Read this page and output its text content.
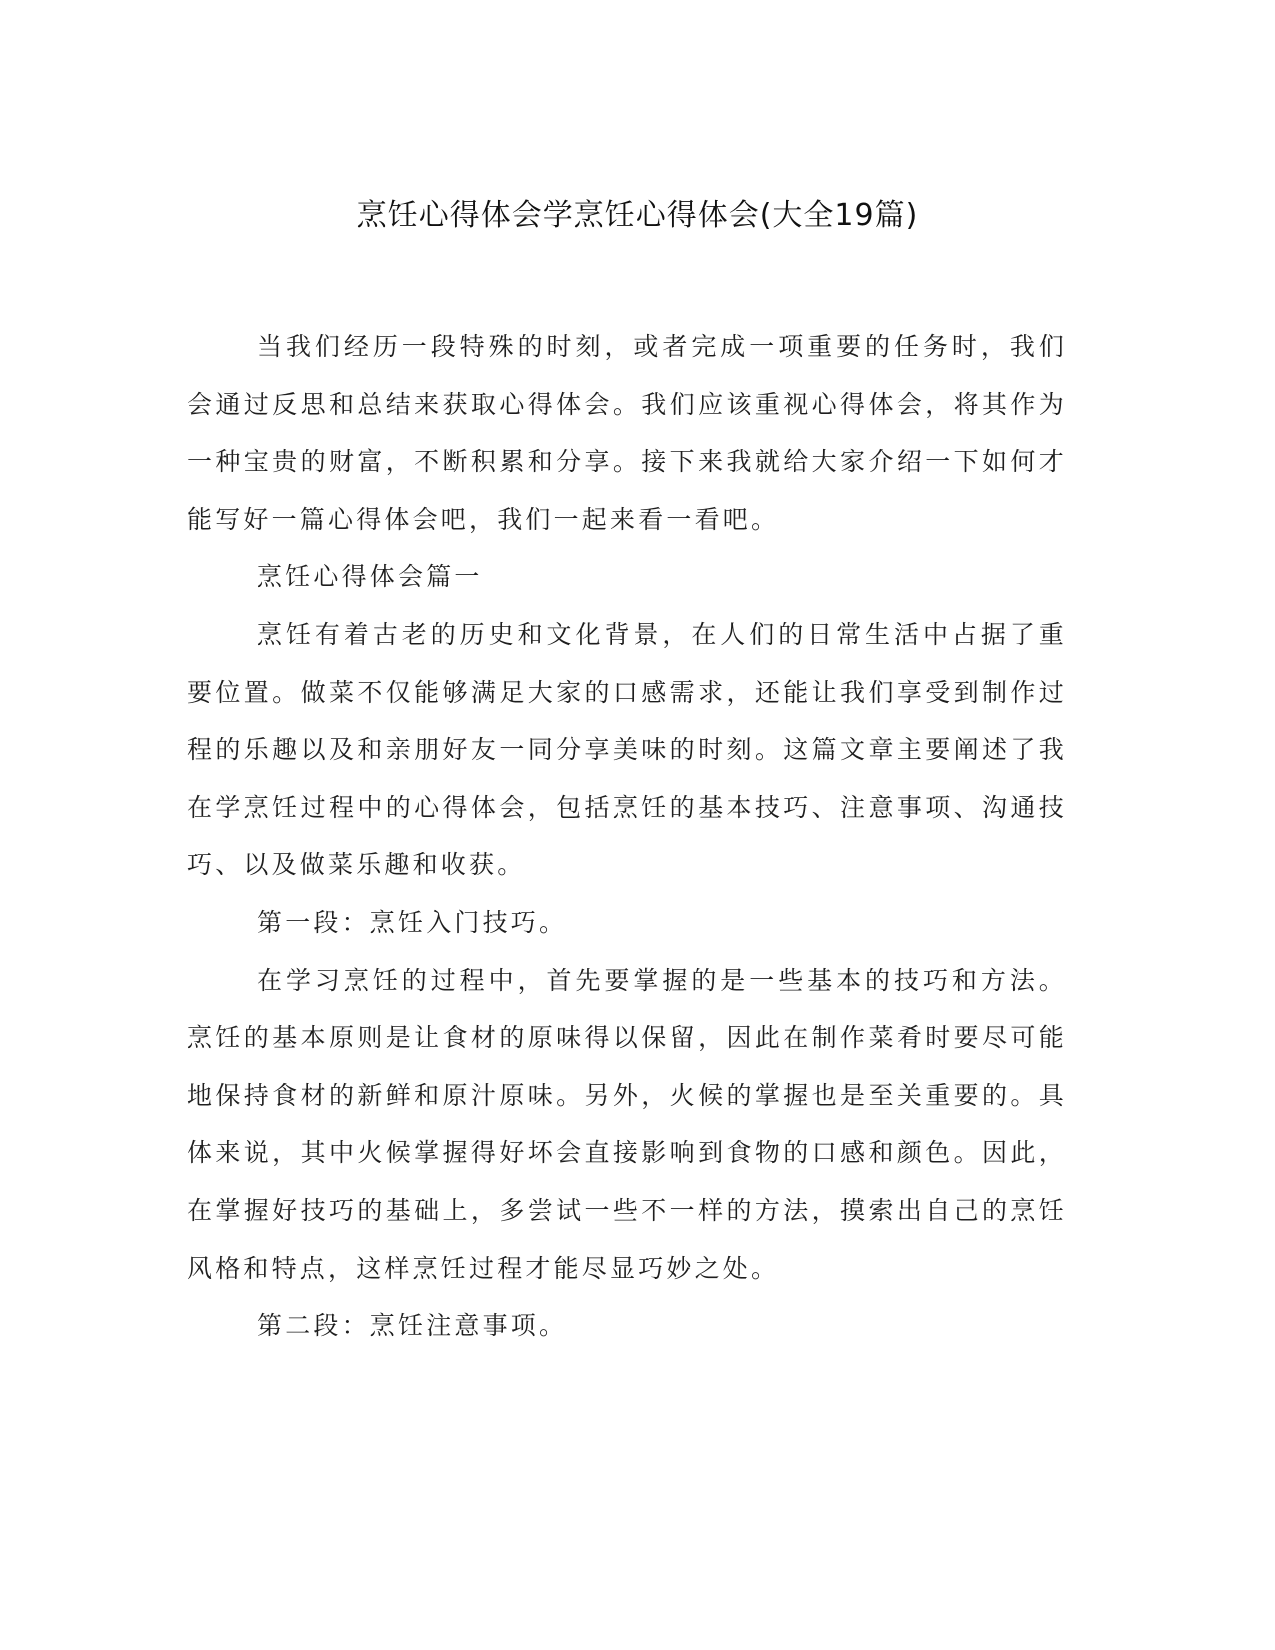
烹饪心得体会学烹饪心得体会(大全19篇)

当我们经历一段特殊的时刻，或者完成一项重要的任务时，我们会通过反思和总结来获取心得体会。我们应该重视心得体会，将其作为一种宝贵的财富，不断积累和分享。接下来我就给大家介绍一下如何才能写好一篇心得体会吧，我们一起来看一看吧。

烹饪心得体会篇一

烹饪有着古老的历史和文化背景，在人们的日常生活中占据了重要位置。做菜不仅能够满足大家的口感需求，还能让我们享受到制作过程的乐趣以及和亲朋好友一同分享美味的时刻。这篇文章主要阐述了我在学烹饪过程中的心得体会，包括烹饪的基本技巧、注意事项、沟通技巧、以及做菜乐趣和收获。

第一段：烹饪入门技巧。

在学习烹饪的过程中，首先要掌握的是一些基本的技巧和方法。烹饪的基本原则是让食材的原味得以保留，因此在制作菜肴时要尽可能地保持食材的新鲜和原汁原味。另外，火候的掌握也是至关重要的。具体来说，其中火候掌握得好坏会直接影响到食物的口感和颜色。因此，在掌握好技巧的基础上，多尝试一些不一样的方法，摸索出自己的烹饪风格和特点，这样烹饪过程才能尽显巧妙之处。

第二段：烹饪注意事项。
